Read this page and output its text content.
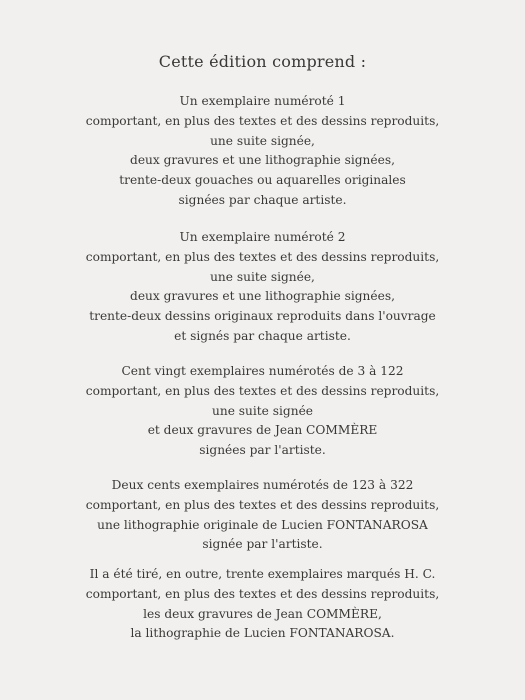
Cette édition comprend :
Un exemplaire numéroté 1
comportant, en plus des textes et des dessins reproduits,
une suite signée,
deux gravures et une lithographie signées,
trente-deux gouaches ou aquarelles originales
signées par chaque artiste.
Un exemplaire numéroté 2
comportant, en plus des textes et des dessins reproduits,
une suite signée,
deux gravures et une lithographie signées,
trente-deux dessins originaux reproduits dans l'ouvrage
et signés par chaque artiste.
Cent vingt exemplaires numérotés de 3 à 122
comportant, en plus des textes et des dessins reproduits,
une suite signée
et deux gravures de Jean COMMÈRE
signées par l'artiste.
Deux cents exemplaires numérotés de 123 à 322
comportant, en plus des textes et des dessins reproduits,
une lithographie originale de Lucien FONTANAROSA
signée par l'artiste.
Il a été tiré, en outre, trente exemplaires marqués H. C.
comportant, en plus des textes et des dessins reproduits,
les deux gravures de Jean COMMÈRE,
la lithographie de Lucien FONTANAROSA.
